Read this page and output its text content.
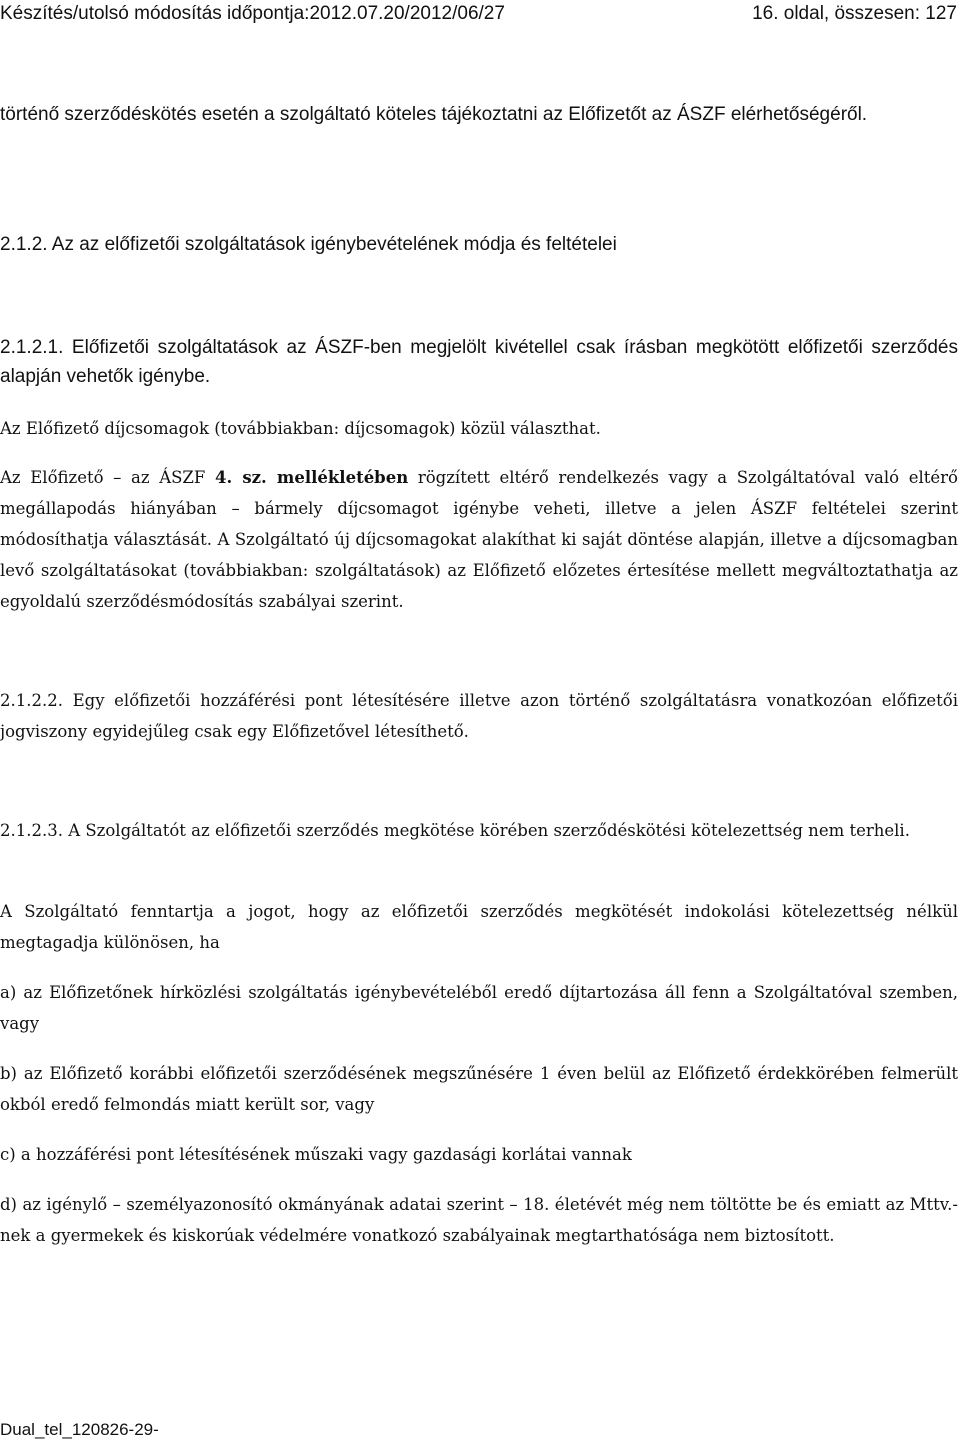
Készítés/utolsó módosítás időpontja:2012.07.20/2012/06/27	16. oldal, összesen: 127

történő szerződéskötés esetén a szolgáltató köteles tájékoztatni az Előfizetőt az ÁSZF elérhetőségéről.

2.1.2. Az az előfizetői szolgáltatások igénybevételének módja és feltételei

2.1.2.1. Előfizetői szolgáltatások az ÁSZF-ben megjelölt kivétellel csak írásban megkötött előfizetői szerződés alapján vehetők igénybe.

Az Előfizető díjcsomagok (továbbiakban: díjcsomagok) közül választhat.

Az Előfizető – az ÁSZF 4. sz. mellékletében rögzített eltérő rendelkezés vagy a Szolgáltatóval való eltérő megállapodás hiányában – bármely díjcsomagot igénybe veheti, illetve a jelen ÁSZF feltételei szerint módosíthatja választását. A Szolgáltató új díjcsomagokat alakíthat ki saját döntése alapján, illetve a díjcsomagban levő szolgáltatásokat (továbbiakban: szolgáltatások) az Előfizető előzetes értesítése mellett megváltoztathatja az egyoldalú szerződésmódosítás szabályai szerint.

2.1.2.2. Egy előfizetői hozzáférési pont létesítésére illetve azon történő szolgáltatásra vonatkozóan előfizetői jogviszony egyidejűleg csak egy Előfizetővel létesíthető.

2.1.2.3. A Szolgáltatót az előfizetői szerződés megkötése körében szerződéskötési kötelezettség nem terheli.

A Szolgáltató fenntartja a jogot, hogy az előfizetői szerződés megkötését indokolási kötelezettség nélkül megtagadja különösen, ha

a) az Előfizetőnek hírközlési szolgáltatás igénybevételéből eredő díjtartozása áll fenn a Szolgáltatóval szemben, vagy

b) az Előfizető korábbi előfizetői szerződésének megszűnésére 1 éven belül az Előfizető érdekkörében felmerült okból eredő felmondás miatt került sor, vagy

c) a hozzáférési pont létesítésének műszaki vagy gazdasági korlátai vannak

d) az igénylő – személyazonosító okmányának adatai szerint – 18. életévét még nem töltötte be és emiatt az Mttv.-nek a gyermekek és kiskorúak védelmére vonatkozó szabályainak megtarthatósága nem biztosított.

Dual_tel_120826-29-
